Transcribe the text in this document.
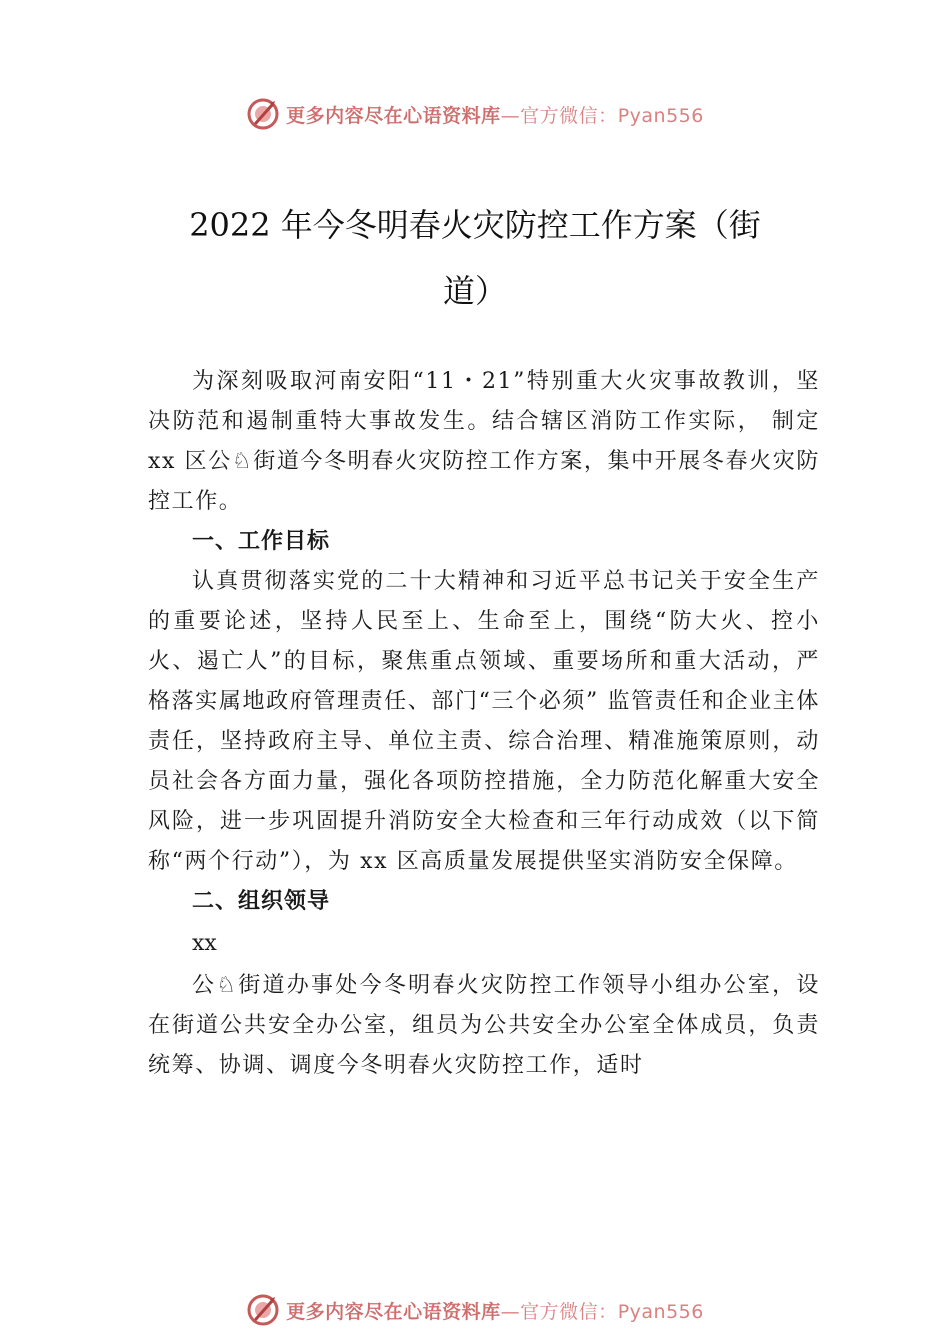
更多内容尽在心语资料库—官方微信：Pyan556
2022 年今冬明春火灾防控工作方案（街
道）

为深刻吸取河南安阳“11・21”特别重大火灾事故教训，坚决防范和遏制重特大事故发生。结合辖区消防工作实际， 制定 xx 区公♘街道今冬明春火灾防控工作方案，集中开展冬春火灾防控工作。

一、工作目标

认真贯彻落实党的二十大精神和习近平总书记关于安全生产的重要论述，坚持人民至上、生命至上，围绕“防大火、控小火、遏亡人”的目标，聚焦重点领域、重要场所和重大活动，严格落实属地政府管理责任、部门“三个必须” 监管责任和企业主体责任，坚持政府主导、单位主责、综合治理、精准施策原则，动员社会各方面力量，强化各项防控措施，全力防范化解重大安全风险，进一步巩固提升消防安全大检查和三年行动成效（以下简称“两个行动”），为 xx 区高质量发展提供坚实消防安全保障。

二、组织领导

xx

公♘街道办事处今冬明春火灾防控工作领导小组办公室，设在街道公共安全办公室，组员为公共安全办公室全体成员，负责统筹、协调、调度今冬明春火灾防控工作，适时

更多内容尽在心语资料库—官方微信：Pyan556
